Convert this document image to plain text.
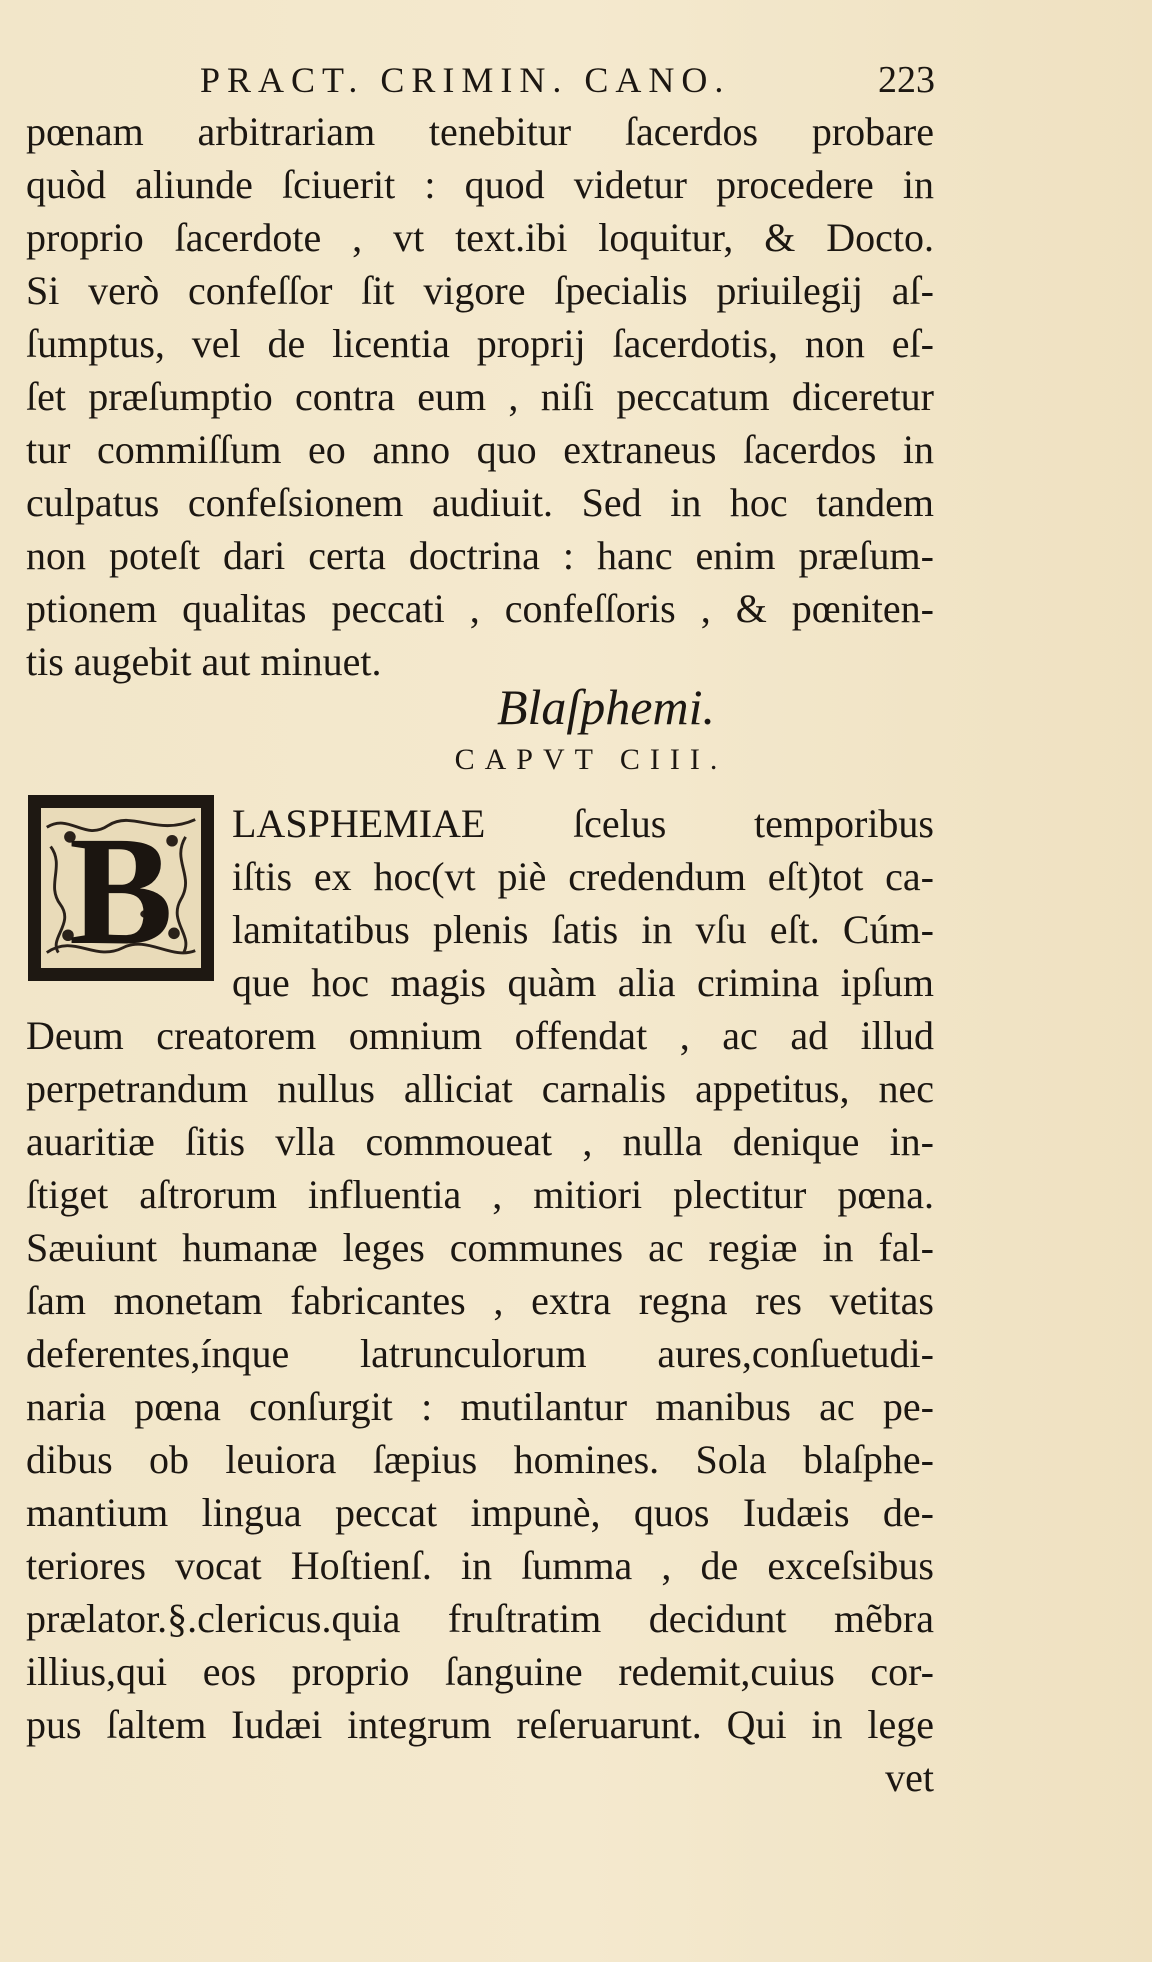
PRACT. CRIMIN. CANO.	223
pœnam arbitrariam tenebitur ſacerdos probare
quòd aliunde ſciuerit : quod videtur procedere in
proprio ſacerdote , vt text.ibi loquitur, & Docto.
Si verò confeſſor ſit vigore ſpecialis priuilegij aſ-
ſumptus, vel de licentia proprij ſacerdotis, non eſ-
ſet præſumptio contra eum , niſi peccatum diceretur
tur commiſſum eo anno quo extraneus ſacerdos in
culpatus confeſsionem audiuit. Sed in hoc tandem
non poteſt dari certa doctrina : hanc enim præſum-
ptionem qualitas peccati , confeſſoris , & pœniten-
tis augebit aut minuet.
Blaſphemi.
CAPVT CIII.
B	LASPHEMIAE ſcelus temporibus
iſtis ex hoc(vt piè credendum eſt)tot ca-
lamitatibus plenis ſatis in vſu eſt. Cúm-
que hoc magis quàm alia crimina ipſum
Deum creatorem omnium offendat , ac ad illud
perpetrandum nullus alliciat carnalis appetitus, nec
auaritiæ ſitis vlla commoueat , nulla denique in-
ſtiget aſtrorum influentia , mitiori plectitur pœna.
Sæuiunt humanæ leges communes ac regiæ in fal-
ſam monetam fabricantes , extra regna res vetitas
deferentes,ínque latrunculorum aures,conſuetudi-
naria pœna conſurgit : mutilantur manibus ac pe-
dibus ob leuiora ſæpius homines. Sola blaſphe-
mantium lingua peccat impunè, quos Iudæis de-
teriores vocat Hoſtienſ. in ſumma , de exceſsibus
prælator.§.clericus.quia fruſtratim decidunt mẽbra
illius,qui eos proprio ſanguine redemit,cuius cor-
pus ſaltem Iudæi integrum reſeruarunt. Qui in lege
vet
